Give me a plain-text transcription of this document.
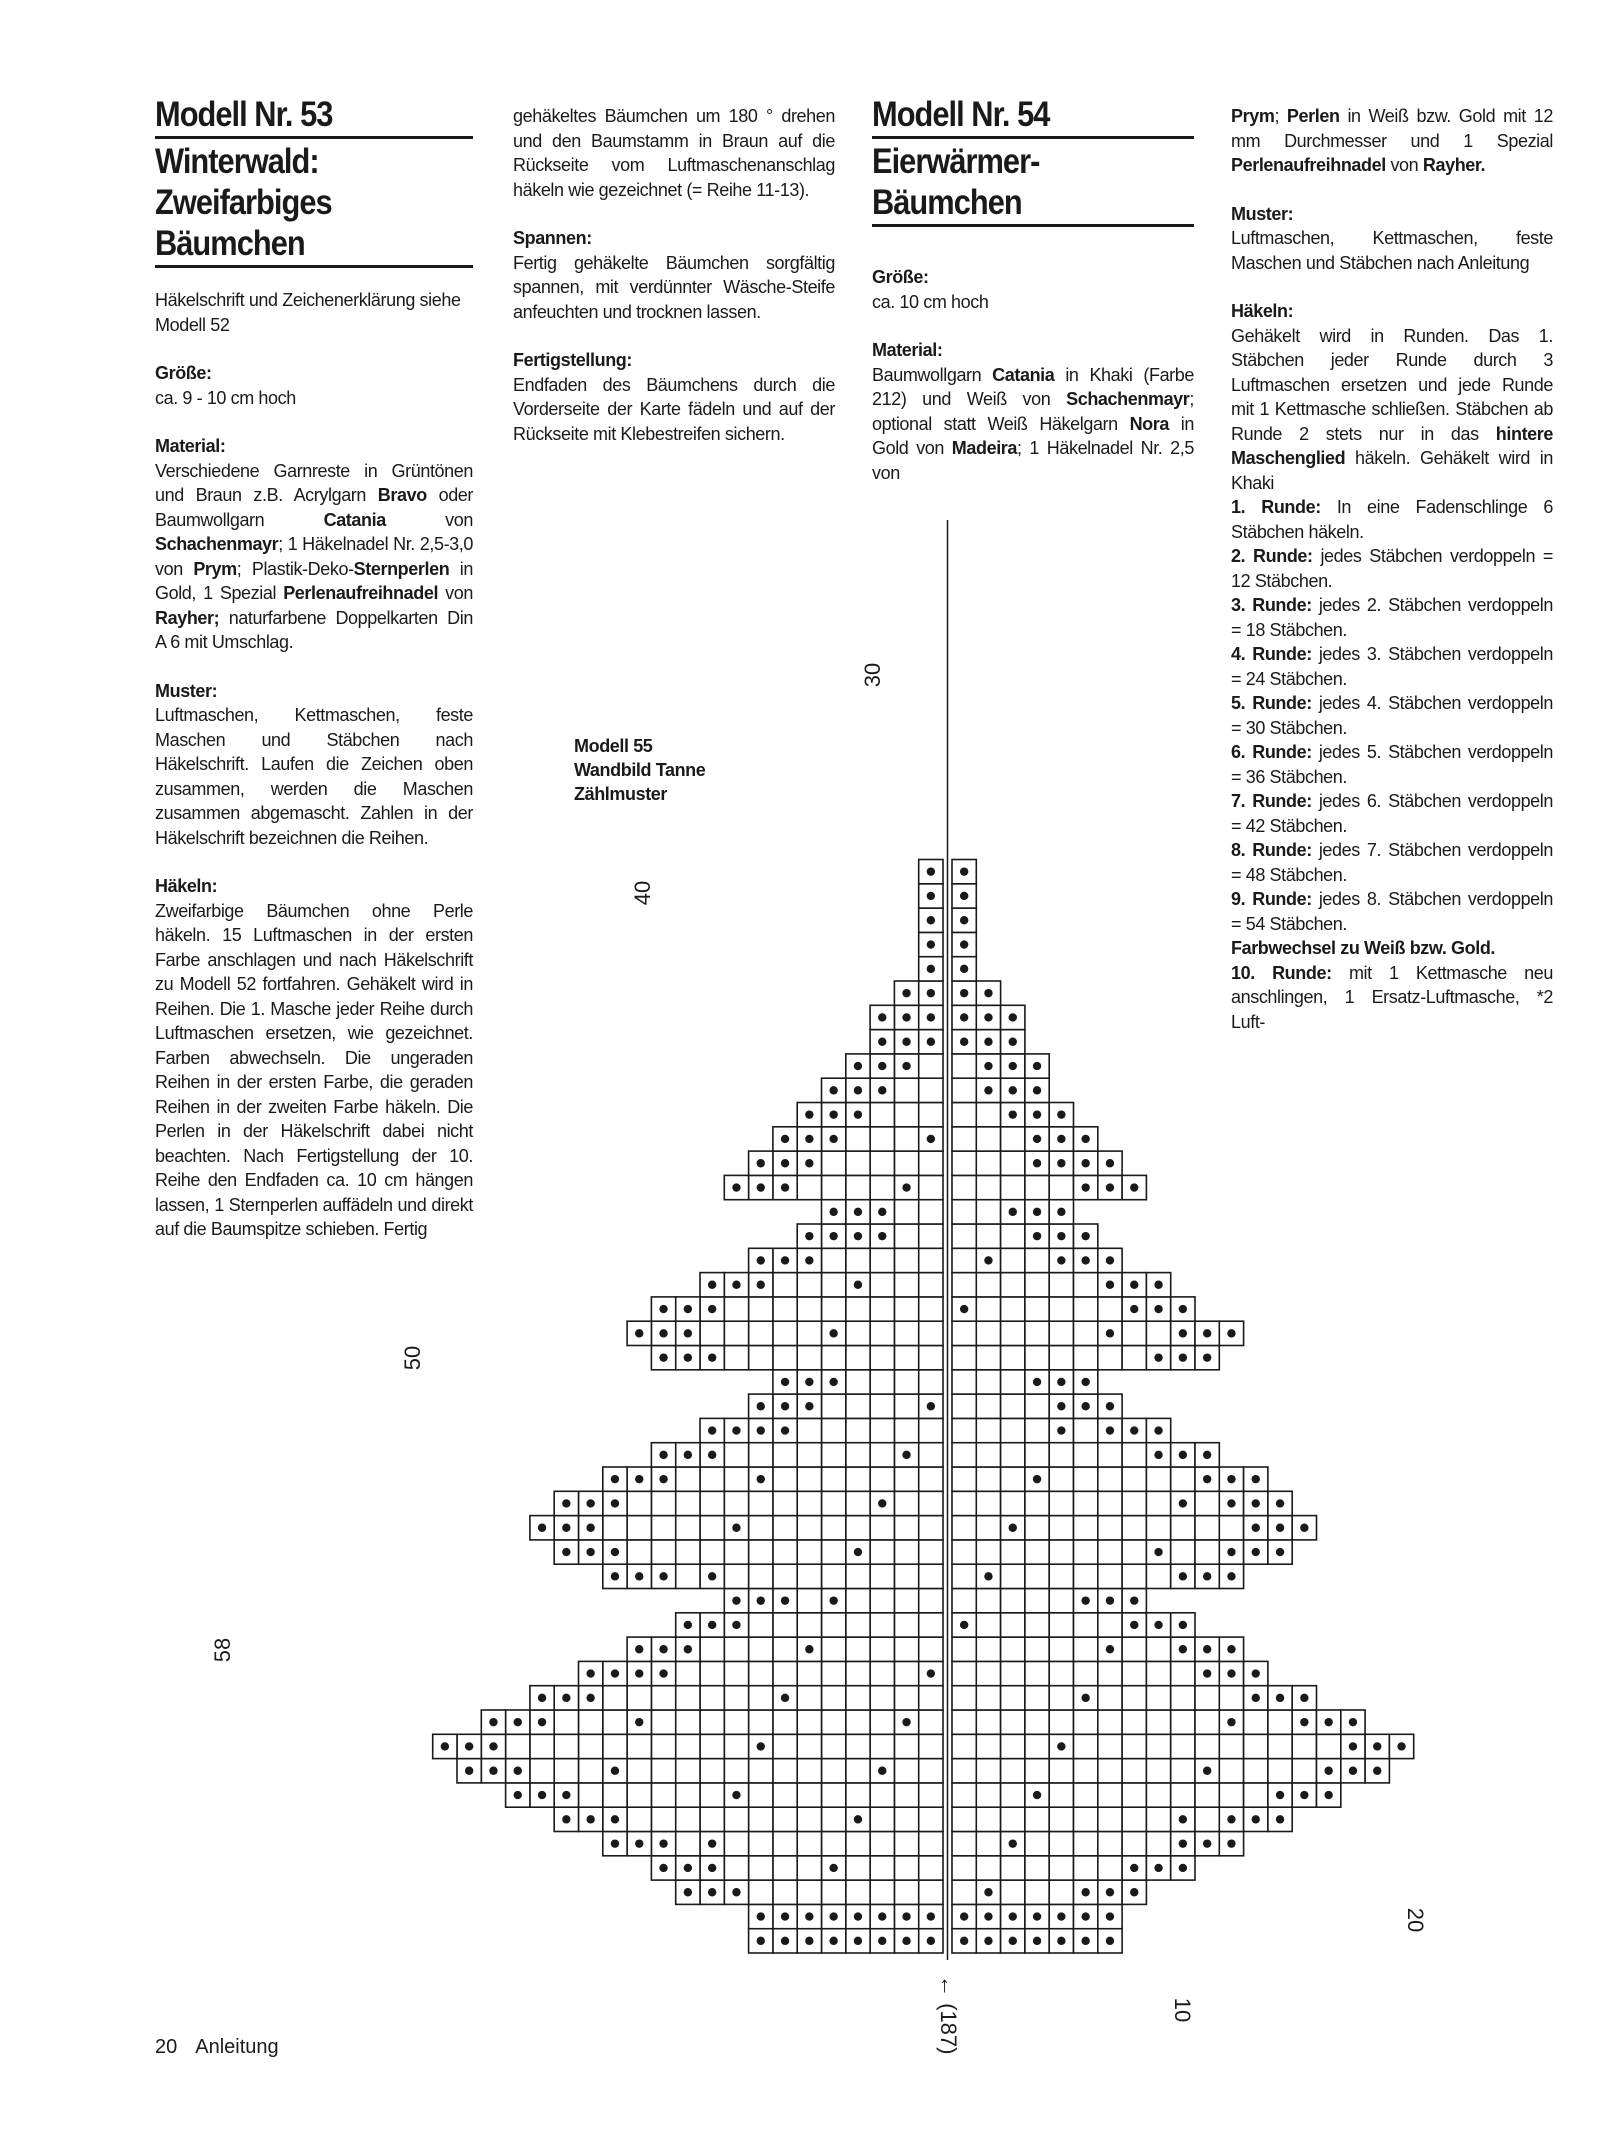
Modell Nr. 53
Winterwald:
Zweifarbiges
Bäumchen

Häkelschrift und Zeichenerklärung siehe Modell 52

Größe:

ca. 9 - 10 cm hoch

Material:

Verschiedene Garnreste in Grüntönen und Braun z.B. Acrylgarn Bravo oder Baumwollgarn Catania von Schachenmayr; 1 Häkelnadel Nr. 2,5-3,0 von Prym; Plastik-Deko-Sternperlen in Gold, 1 Spezial Perlenaufreihnadel von Rayher; naturfarbene Doppelkarten Din A 6 mit Umschlag.

Muster:

Luftmaschen, Kettmaschen, feste Maschen und Stäbchen nach Häkelschrift. Laufen die Zeichen oben zusammen, werden die Maschen zusammen abgemascht. Zahlen in der Häkelschrift bezeichnen die Reihen.

Häkeln:

Zweifarbige Bäumchen ohne Perle häkeln. 15 Luftmaschen in der ersten Farbe anschlagen und nach Häkelschrift zu Modell 52 fortfahren. Gehäkelt wird in Reihen. Die 1. Masche jeder Reihe durch Luftmaschen ersetzen, wie gezeichnet. Farben abwechseln. Die ungeraden Reihen in der ersten Farbe, die geraden Reihen in der zweiten Farbe häkeln. Die Perlen in der Häkelschrift dabei nicht beachten. Nach Fertigstellung der 10. Reihe den Endfaden ca. 10 cm hängen lassen, 1 Sternperlen auffädeln und direkt auf die Baumspitze schieben. Fertig

gehäkeltes Bäumchen um 180 ° drehen und den Baumstamm in Braun auf die Rückseite vom Luftmaschenanschlag häkeln wie gezeichnet (= Reihe 11-13).

Spannen:

Fertig gehäkelte Bäumchen sorgfältig spannen, mit verdünnter Wäsche-Steife anfeuchten und trocknen lassen.

Fertigstellung:

Endfaden des Bäumchens durch die Vorderseite der Karte fädeln und auf der Rückseite mit Klebestreifen sichern.

Modell Nr. 54
Eierwärmer-
Bäumchen

Größe:

ca. 10 cm hoch

Material:

Baumwollgarn Catania in Khaki (Farbe 212) und Weiß von Schachenmayr; optional statt Weiß Häkelgarn Nora in Gold von Madeira; 1 Häkelnadel Nr. 2,5 von

Prym; Perlen in Weiß bzw. Gold mit 12 mm Durchmesser und 1 Spezial Perlenaufreihnadel von Rayher.

Muster:

Luftmaschen, Kettmaschen, feste Maschen und Stäbchen nach Anleitung

Häkeln:

Gehäkelt wird in Runden. Das 1. Stäbchen jeder Runde durch 3 Luftmaschen ersetzen und jede Runde mit 1 Kettmasche schließen. Stäbchen ab Runde 2 stets nur in das hintere Maschenglied häkeln. Gehäkelt wird in Khaki

1. Runde: In eine Fadenschlinge 6 Stäbchen häkeln.

2. Runde: jedes Stäbchen verdoppeln = 12 Stäbchen.

3. Runde: jedes 2. Stäbchen verdoppeln = 18 Stäbchen.

4. Runde: jedes 3. Stäbchen verdoppeln = 24 Stäbchen.

5. Runde: jedes 4. Stäbchen verdoppeln = 30 Stäbchen.

6. Runde: jedes 5. Stäbchen verdoppeln = 36 Stäbchen.

7. Runde: jedes 6. Stäbchen verdoppeln = 42 Stäbchen.

8. Runde: jedes 7. Stäbchen verdoppeln = 48 Stäbchen.

9. Runde: jedes 8. Stäbchen verdoppeln = 54 Stäbchen.

Farbwechsel zu Weiß bzw. Gold.

10. Runde: mit 1 Kettmasche neu anschlingen, 1 Ersatz-Luftmasche, *2 Luft-

Modell 55
Wandbild Tanne
Zählmuster
30
40
50
58
20
10
← (187)
20 Anleitung
